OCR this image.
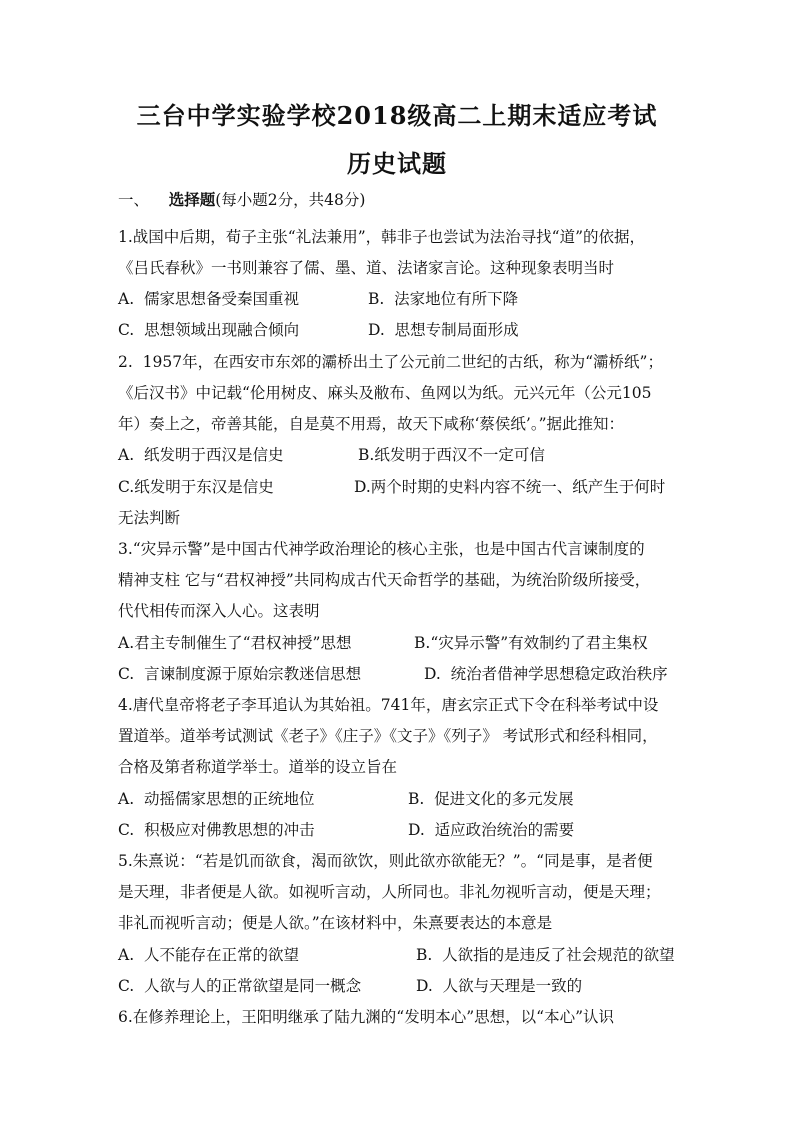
三台中学实验学校2018级高二上期末适应考试
历史试题
一、 选择题(每小题2分，共48分)
1.战国中后期，荀子主张“礼法兼用”，韩非子也尝试为法治寻找“道”的依据，
《吕氏春秋》一书则兼容了儒、墨、道、法诸家言论。这种现象表明当时
A.  儒家思想备受秦国重视	B.  法家地位有所下降
C.  思想领域出现融合倾向	D.  思想专制局面形成
2.  1957年，在西安市东郊的灞桥出土了公元前二世纪的古纸，称为“灞桥纸”；
《后汉书》中记载“伦用树皮、麻头及敝布、鱼网以为纸。元兴元年（公元105
年）奏上之，帝善其能，自是莫不用焉，故天下咸称‘蔡侯纸’。”据此推知：
A.  纸发明于西汉是信史	B.纸发明于西汉不一定可信
C.纸发明于东汉是信史	D.两个时期的史料内容不统一、纸产生于何时
无法判断
3.“灾异示警”是中国古代神学政治理论的核心主张，也是中国古代言谏制度的
精神支柱 它与“君权神授”共同构成古代天命哲学的基础，为统治阶级所接受，
代代相传而深入人心。这表明
A.君主专制催生了“君权神授”思想	B.“灾异示警”有效制约了君主集权
C.  言谏制度源于原始宗教迷信思想	D.  统治者借神学思想稳定政治秩序
4.唐代皇帝将老子李耳追认为其始祖。741年，唐玄宗正式下令在科举考试中设
置道举。道举考试测试《老子》《庄子》《文子》《列子》 考试形式和经科相同，
合格及第者称道学举士。道举的设立旨在
A.  动摇儒家思想的正统地位	B.  促进文化的多元发展
C.  积极应对佛教思想的冲击	D.  适应政治统治的需要
5.朱熹说：“若是饥而欲食，渴而欲饮，则此欲亦欲能无？”。“同是事，是者便
是天理，非者便是人欲。如视听言动，人所同也。非礼勿视听言动，便是天理；
非礼而视听言动；便是人欲。”在该材料中，朱熹要表达的本意是
A.  人不能存在正常的欲望	B.  人欲指的是违反了社会规范的欲望
C.  人欲与人的正常欲望是同一概念	D.  人欲与天理是一致的
6.在修养理论上，王阳明继承了陆九渊的“发明本心”思想，以“本心”认识
